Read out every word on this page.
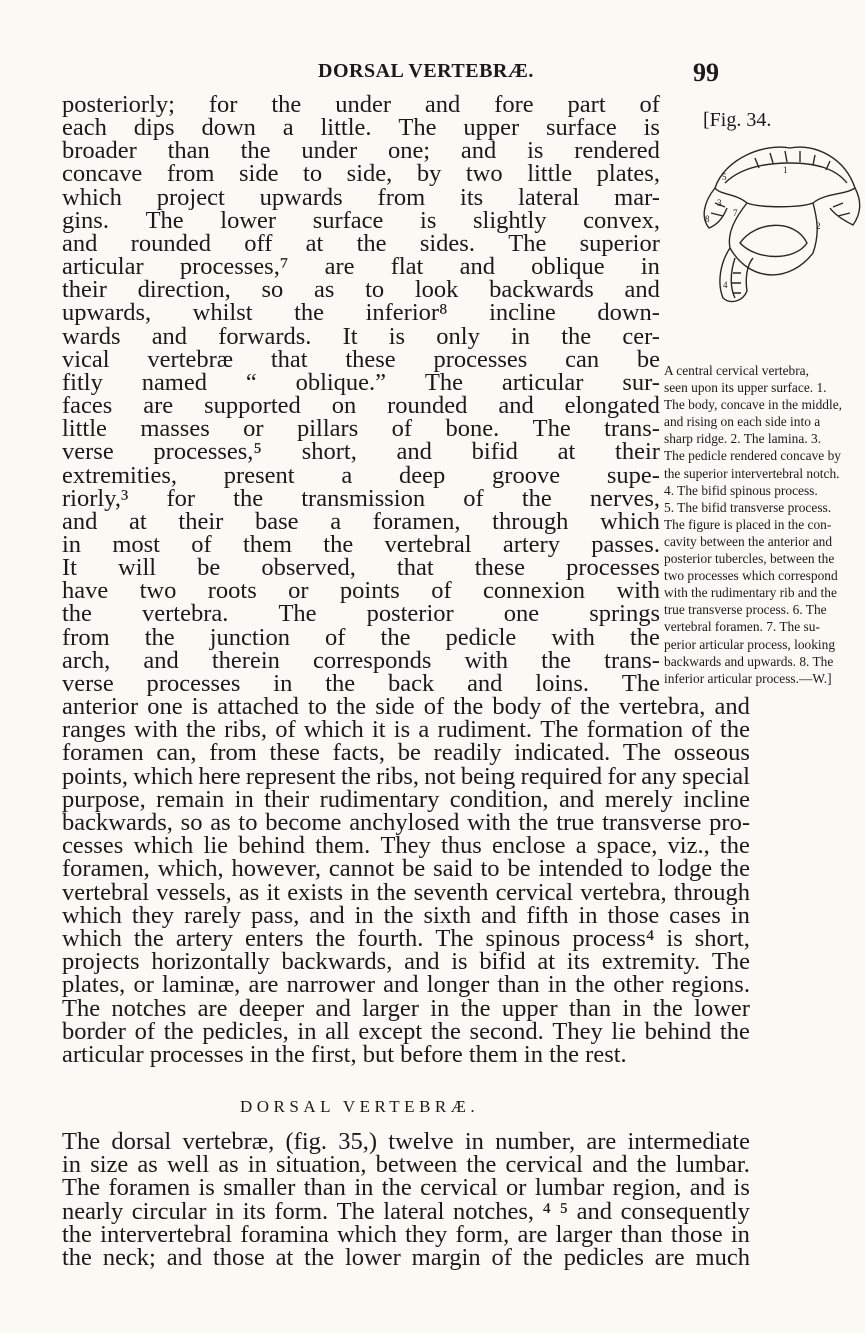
DORSAL VERTEBRÆ.	99
[Fig. 34.
5
1
3
7
2
8
4
posteriorly; for the under and fore part of
each dips down a little. The upper surface is
broader than the under one; and is rendered
concave from side to side, by two little plates,
which project upwards from its lateral mar-
gins. The lower surface is slightly convex,
and rounded off at the sides. The superior
articular processes,⁷ are flat and oblique in
their direction, so as to look backwards and
upwards, whilst the inferior⁸ incline down-
wards and forwards. It is only in the cer-
vical vertebræ that these processes can be
fitly named “ oblique.” The articular sur-
faces are supported on rounded and elongated
little masses or pillars of bone. The trans-
verse processes,⁵ short, and bifid at their
extremities, present a deep groove supe-
riorly,³ for the transmission of the nerves,
and at their base a foramen, through which
in most of them the vertebral artery passes.
It will be observed, that these processes
have two roots or points of connexion with
the vertebra. The posterior one springs
from the junction of the pedicle with the
arch, and therein corresponds with the trans-
verse processes in the back and loins. The
A central cervical vertebra,
seen upon its upper surface. 1.
The body, concave in the middle,
and rising on each side into a
sharp ridge. 2. The lamina. 3.
The pedicle rendered concave by
the superior intervertebral notch.
4. The bifid spinous process.
5. The bifid transverse process.
The figure is placed in the con-
cavity between the anterior and
posterior tubercles, between the
two processes which correspond
with the rudimentary rib and the
true transverse process. 6. The
vertebral foramen. 7. The su-
perior articular process, looking
backwards and upwards. 8. The
inferior articular process.—W.]
anterior one is attached to the side of the body of the vertebra, and
ranges with the ribs, of which it is a rudiment. The formation of the
foramen can, from these facts, be readily indicated. The osseous
points, which here represent the ribs, not being required for any special
purpose, remain in their rudimentary condition, and merely incline
backwards, so as to become anchylosed with the true transverse pro-
cesses which lie behind them. They thus enclose a space, viz., the
foramen, which, however, cannot be said to be intended to lodge the
vertebral vessels, as it exists in the seventh cervical vertebra, through
which they rarely pass, and in the sixth and fifth in those cases in
which the artery enters the fourth. The spinous process⁴ is short,
projects horizontally backwards, and is bifid at its extremity. The
plates, or laminæ, are narrower and longer than in the other regions.
The notches are deeper and larger in the upper than in the lower
border of the pedicles, in all except the second. They lie behind the
articular processes in the first, but before them in the rest.
DORSAL VERTEBRÆ.
The dorsal vertebræ, (fig. 35,) twelve in number, are intermediate
in size as well as in situation, between the cervical and the lumbar.
The foramen is smaller than in the cervical or lumbar region, and is
nearly circular in its form. The lateral notches, ⁴ ⁵ and consequently
the intervertebral foramina which they form, are larger than those in
the neck; and those at the lower margin of the pedicles are much
